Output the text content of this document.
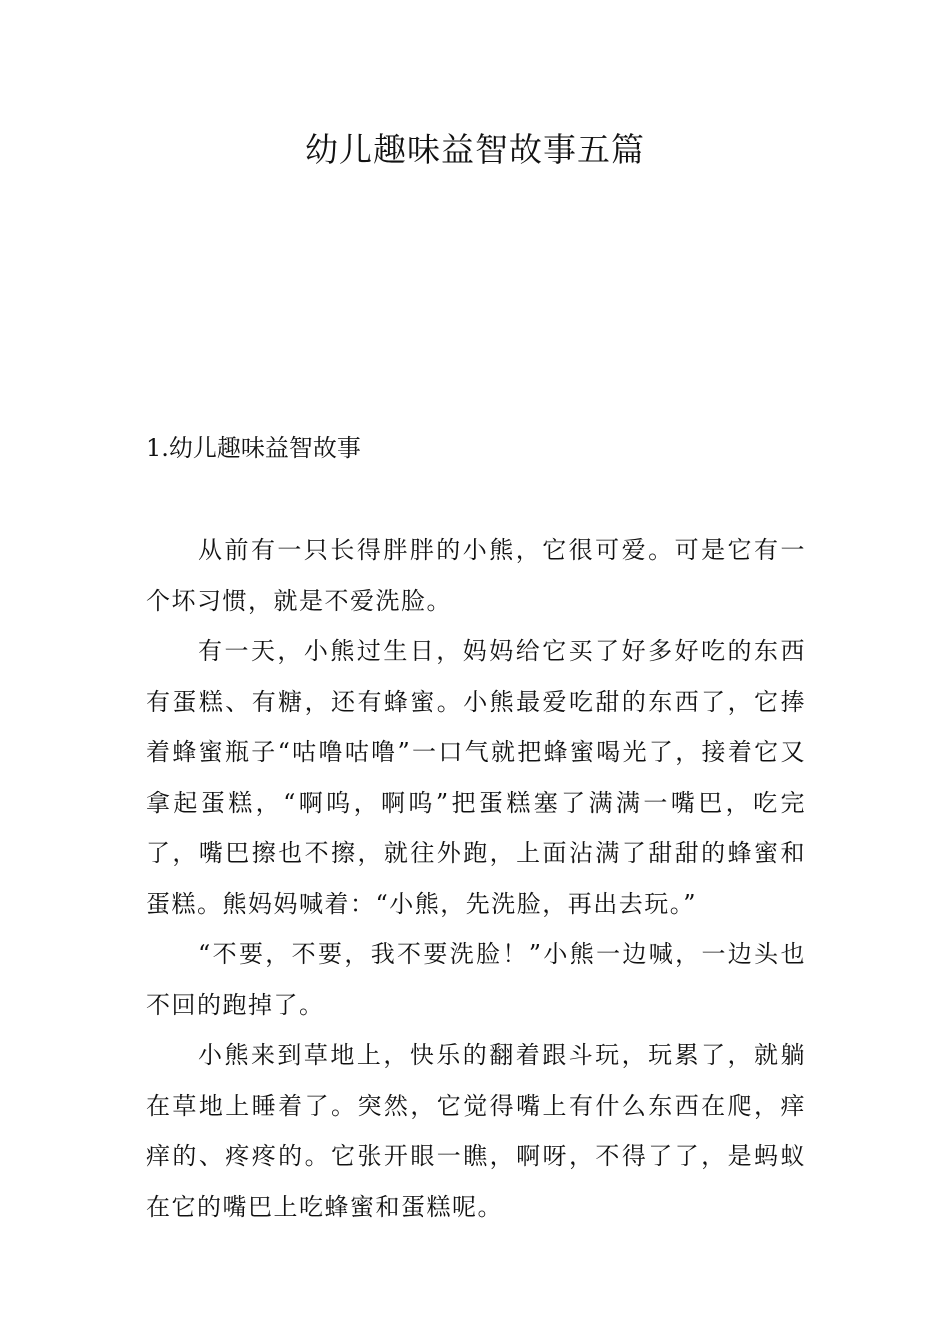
幼儿趣味益智故事五篇
1.幼儿趣味益智故事

从前有一只长得胖胖的小熊，它很可爱。可是它有一个坏习惯，就是不爱洗脸。

有一天，小熊过生日，妈妈给它买了好多好吃的东西有蛋糕、有糖，还有蜂蜜。小熊最爱吃甜的东西了，它捧着蜂蜜瓶子“咕噜咕噜”一口气就把蜂蜜喝光了，接着它又拿起蛋糕，“啊呜，啊呜”把蛋糕塞了满满一嘴巴，吃完了，嘴巴擦也不擦，就往外跑，上面沾满了甜甜的蜂蜜和蛋糕。熊妈妈喊着：“小熊，先洗脸，再出去玩。”

“不要，不要，我不要洗脸！”小熊一边喊，一边头也不回的跑掉了。

小熊来到草地上，快乐的翻着跟斗玩，玩累了，就躺在草地上睡着了。突然，它觉得嘴上有什么东西在爬，痒痒的、疼疼的。它张开眼一瞧，啊呀，不得了了，是蚂蚁在它的嘴巴上吃蜂蜜和蛋糕呢。
